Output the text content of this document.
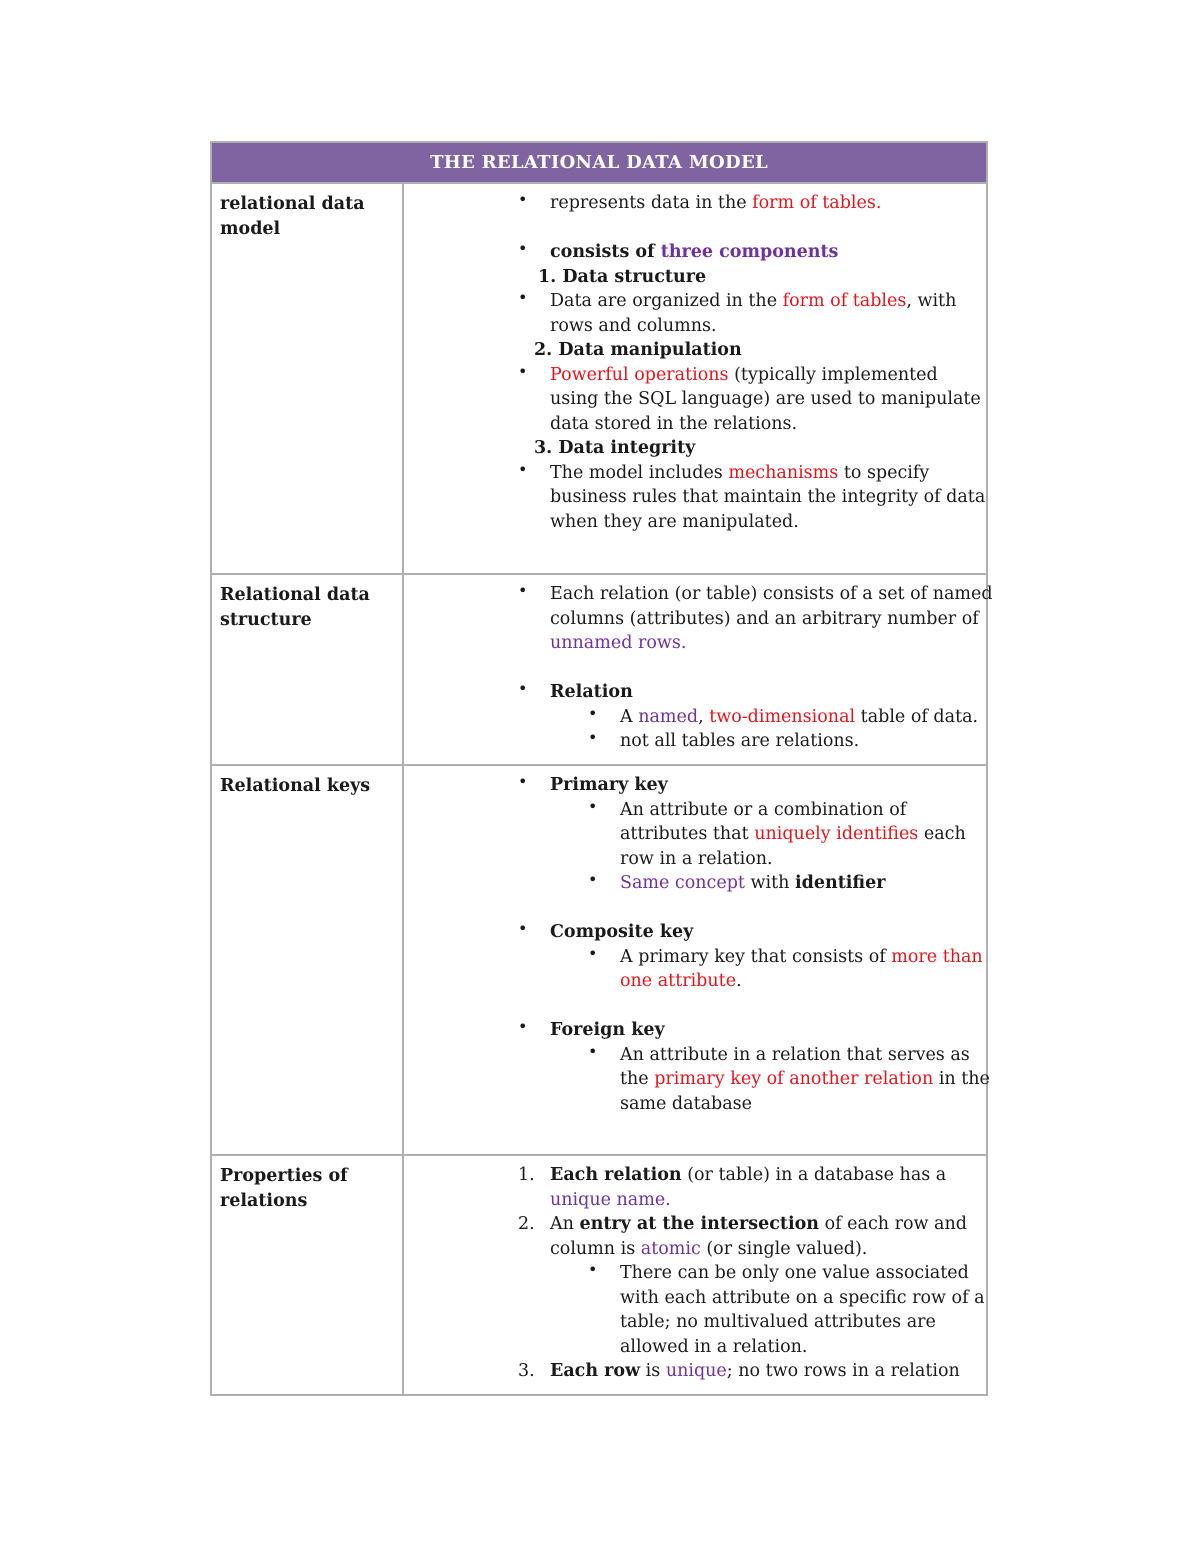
THE RELATIONAL DATA MODEL
relational data model
• represents data in the form of tables.
• consists of three components
1. Data structure
• Data are organized in the form of tables, with
rows and columns.
2. Data manipulation
• Powerful operations (typically implemented
using the SQL language) are used to manipulate
data stored in the relations.
3. Data integrity
• The model includes mechanisms to specify
business rules that maintain the integrity of data
when they are manipulated.
Relational data structure
• Each relation (or table) consists of a set of named
columns (attributes) and an arbitrary number of
unnamed rows.
• Relation
• A named, two-dimensional table of data.
• not all tables are relations.
Relational keys	• Primary key
• An attribute or a combination of
attributes that uniquely identifies each
row in a relation.
• Same concept with identifier
• Composite key
• A primary key that consists of more than
one attribute.
• Foreign key
• An attribute in a relation that serves as
the primary key of another relation in the
same database
Properties of relations
1. Each relation (or table) in a database has a
unique name.
2. An entry at the intersection of each row and
column is atomic (or single valued).
• There can be only one value associated
with each attribute on a specific row of a
table; no multivalued attributes are
allowed in a relation.
3. Each row is unique; no two rows in a relation
